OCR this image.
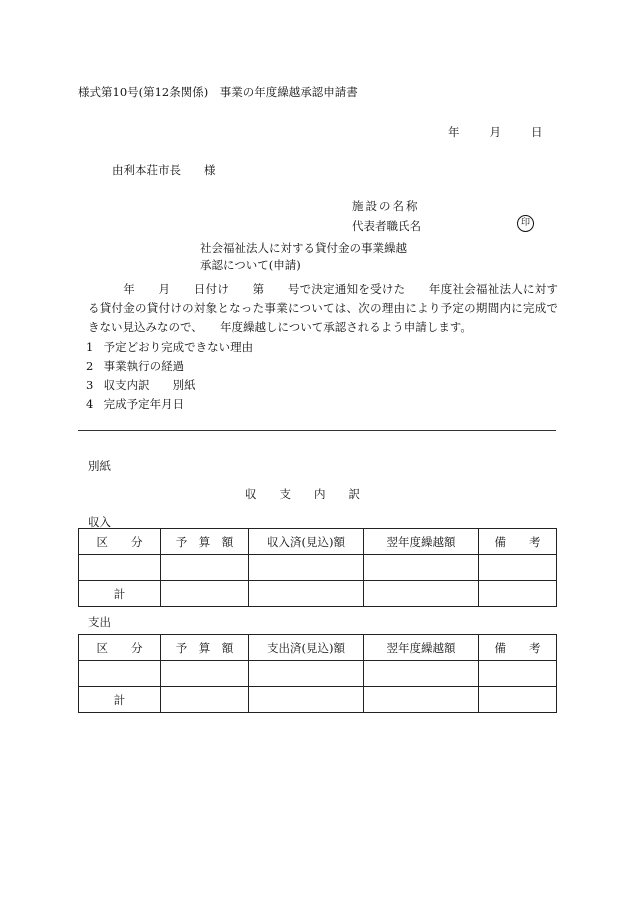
様式第10号(第12条関係)　事業の年度繰越承認申請書
年	月	日
由利本荘市長　　様
施設の名称
代表者職氏名	印
社会福祉法人に対する貸付金の事業繰越
承認について(申請)
　　　年　　月　　日付け　　第　　号で決定通知を受けた　　年度社会福祉法人に対する貸付金の貸付けの対象となった事業については、次の理由により予定の期間内に完成できない見込みなので、　　年度繰越しについて承認されるよう申請します。
1 予定どおり完成できない理由
2 事業執行の経過
3 収支内訳　　別紙
4 完成予定年月日
別紙
収　　支　　内　　訳
収入
区　　分	予　算　額	収入済(見込)額	翌年度繰越額	備　　考

計				
支出
区　　分	予　算　額	支出済(見込)額	翌年度繰越額	備　　考

計				
